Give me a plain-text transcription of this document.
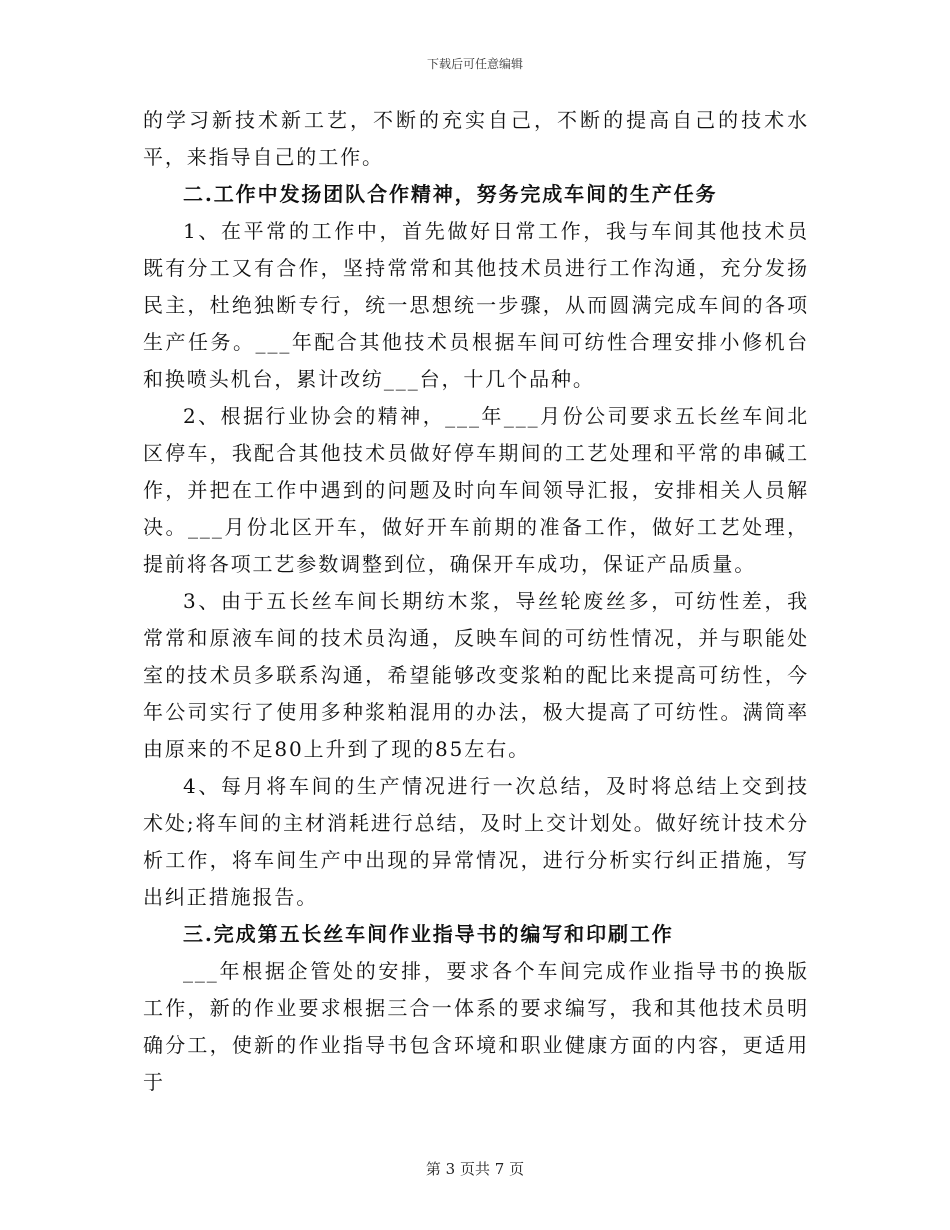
下载后可任意编辑

的学习新技术新工艺，不断的充实自己，不断的提高自己的技术水平，来指导自己的工作。

二.工作中发扬团队合作精神，努务完成车间的生产任务

1、在平常的工作中，首先做好日常工作，我与车间其他技术员既有分工又有合作，坚持常常和其他技术员进行工作沟通，充分发扬民主，杜绝独断专行，统一思想统一步骤，从而圆满完成车间的各项生产任务。___年配合其他技术员根据车间可纺性合理安排小修机台和换喷头机台，累计改纺___台，十几个品种。

2、根据行业协会的精神，___年___月份公司要求五长丝车间北区停车，我配合其他技术员做好停车期间的工艺处理和平常的串碱工作，并把在工作中遇到的问题及时向车间领导汇报，安排相关人员解决。___月份北区开车，做好开车前期的准备工作，做好工艺处理，提前将各项工艺参数调整到位，确保开车成功，保证产品质量。

3、由于五长丝车间长期纺木浆，导丝轮废丝多，可纺性差，我常常和原液车间的技术员沟通，反映车间的可纺性情况，并与职能处室的技术员多联系沟通，希望能够改变浆粕的配比来提高可纺性，今年公司实行了使用多种浆粕混用的办法，极大提高了可纺性。满筒率由原来的不足80上升到了现的85左右。

4、每月将车间的生产情况进行一次总结，及时将总结上交到技术处;将车间的主材消耗进行总结，及时上交计划处。做好统计技术分析工作，将车间生产中出现的异常情况，进行分析实行纠正措施，写出纠正措施报告。

三.完成第五长丝车间作业指导书的编写和印刷工作

___年根据企管处的安排，要求各个车间完成作业指导书的换版工作，新的作业要求根据三合一体系的要求编写，我和其他技术员明确分工，使新的作业指导书包含环境和职业健康方面的内容，更适用于

第 3 页共 7 页
